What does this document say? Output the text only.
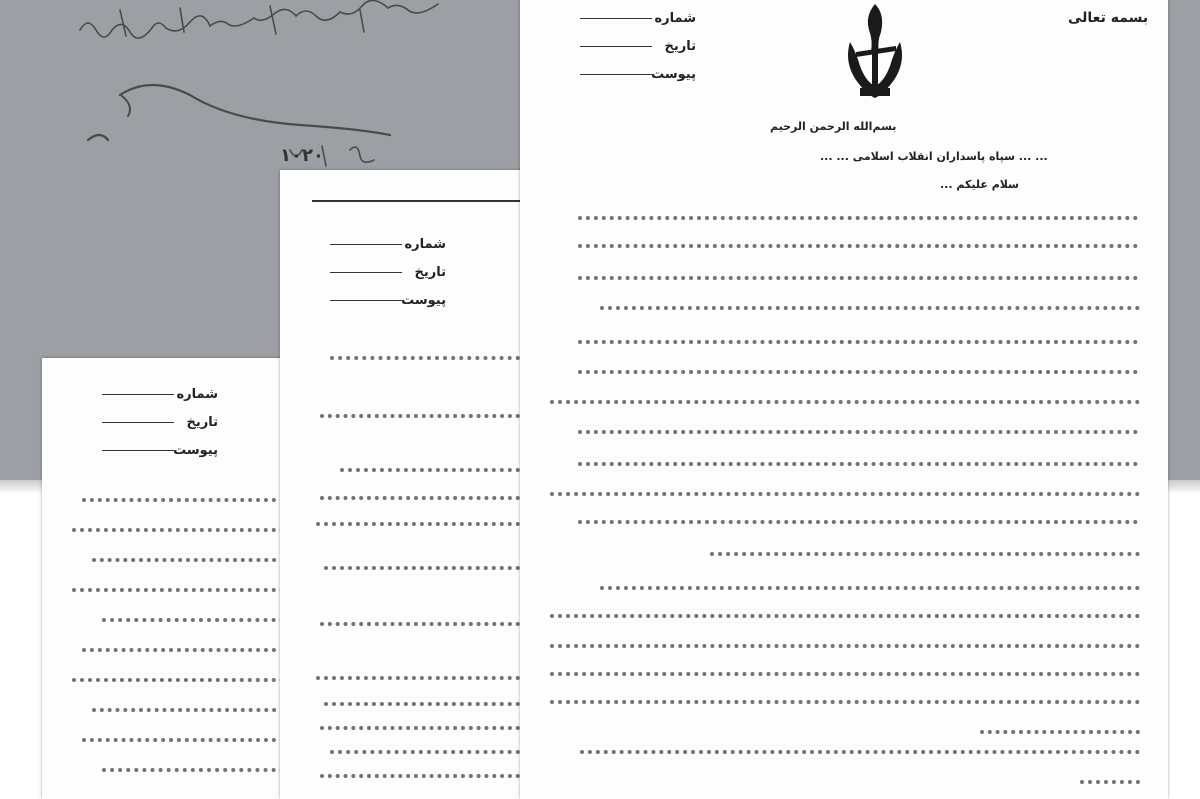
۱۰۲۰
شماره
تاریخ
پیوست
شماره
تاریخ
پیوست
بسمه تعالی
شماره
تاریخ
پیوست
بسم‌الله الرحمن الرحیم
... ... سپاه پاسداران انقلاب اسلامی ... ...
سلام علیکم ...
